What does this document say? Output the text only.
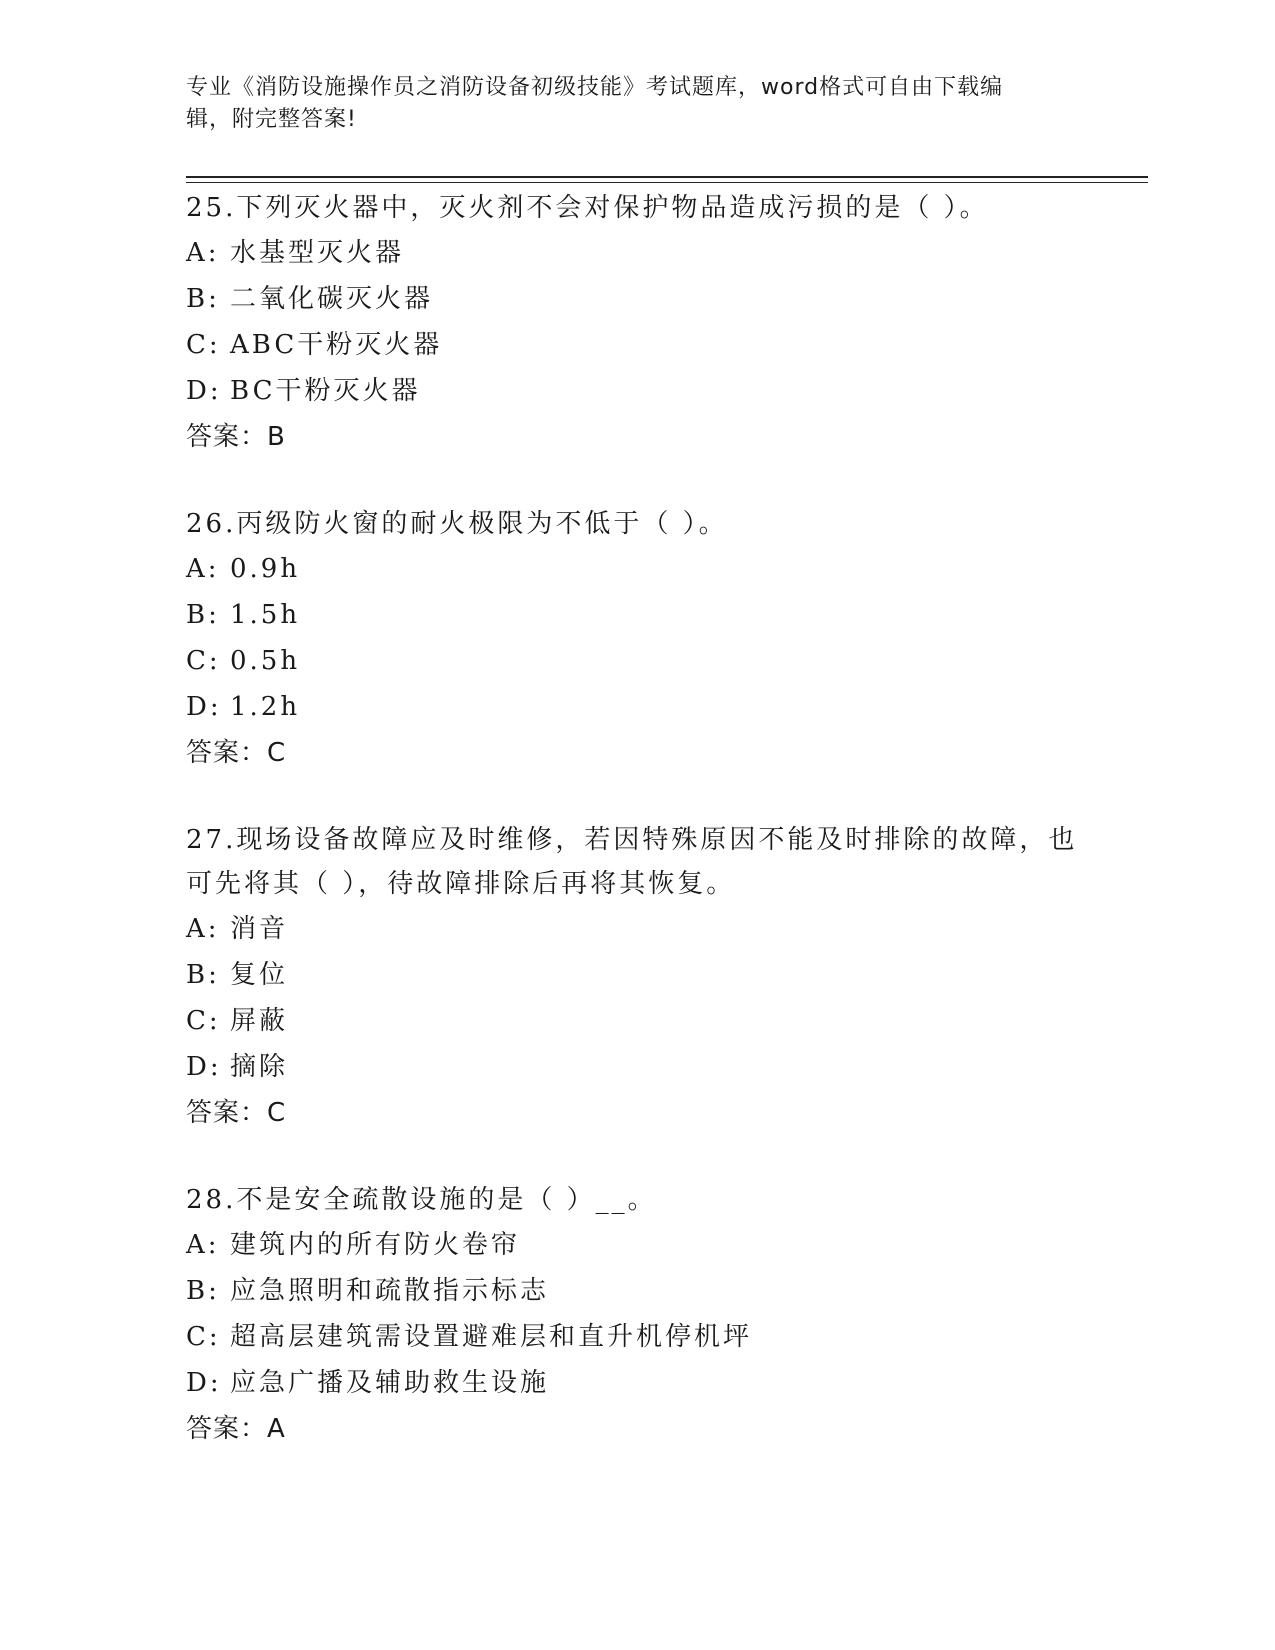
专业《消防设施操作员之消防设备初级技能》考试题库，word格式可自由下载编
辑，附完整答案!

25.下列灭火器中，灭火剂不会对保护物品造成污损的是（ ）。

A: 水基型灭火器

B: 二氧化碳灭火器

C: ABC干粉灭火器

D: BC干粉灭火器

答案：B

26.丙级防火窗的耐火极限为不低于（ ）。

A: 0.9h

B: 1.5h

C: 0.5h

D: 1.2h

答案：C

27.现场设备故障应及时维修，若因特殊原因不能及时排除的故障，也

可先将其（ ），待故障排除后再将其恢复。

A: 消音

B: 复位

C: 屏蔽

D: 摘除

答案：C

28.不是安全疏散设施的是（ ）__。

A: 建筑内的所有防火卷帘

B: 应急照明和疏散指示标志

C: 超高层建筑需设置避难层和直升机停机坪

D: 应急广播及辅助救生设施

答案：A
